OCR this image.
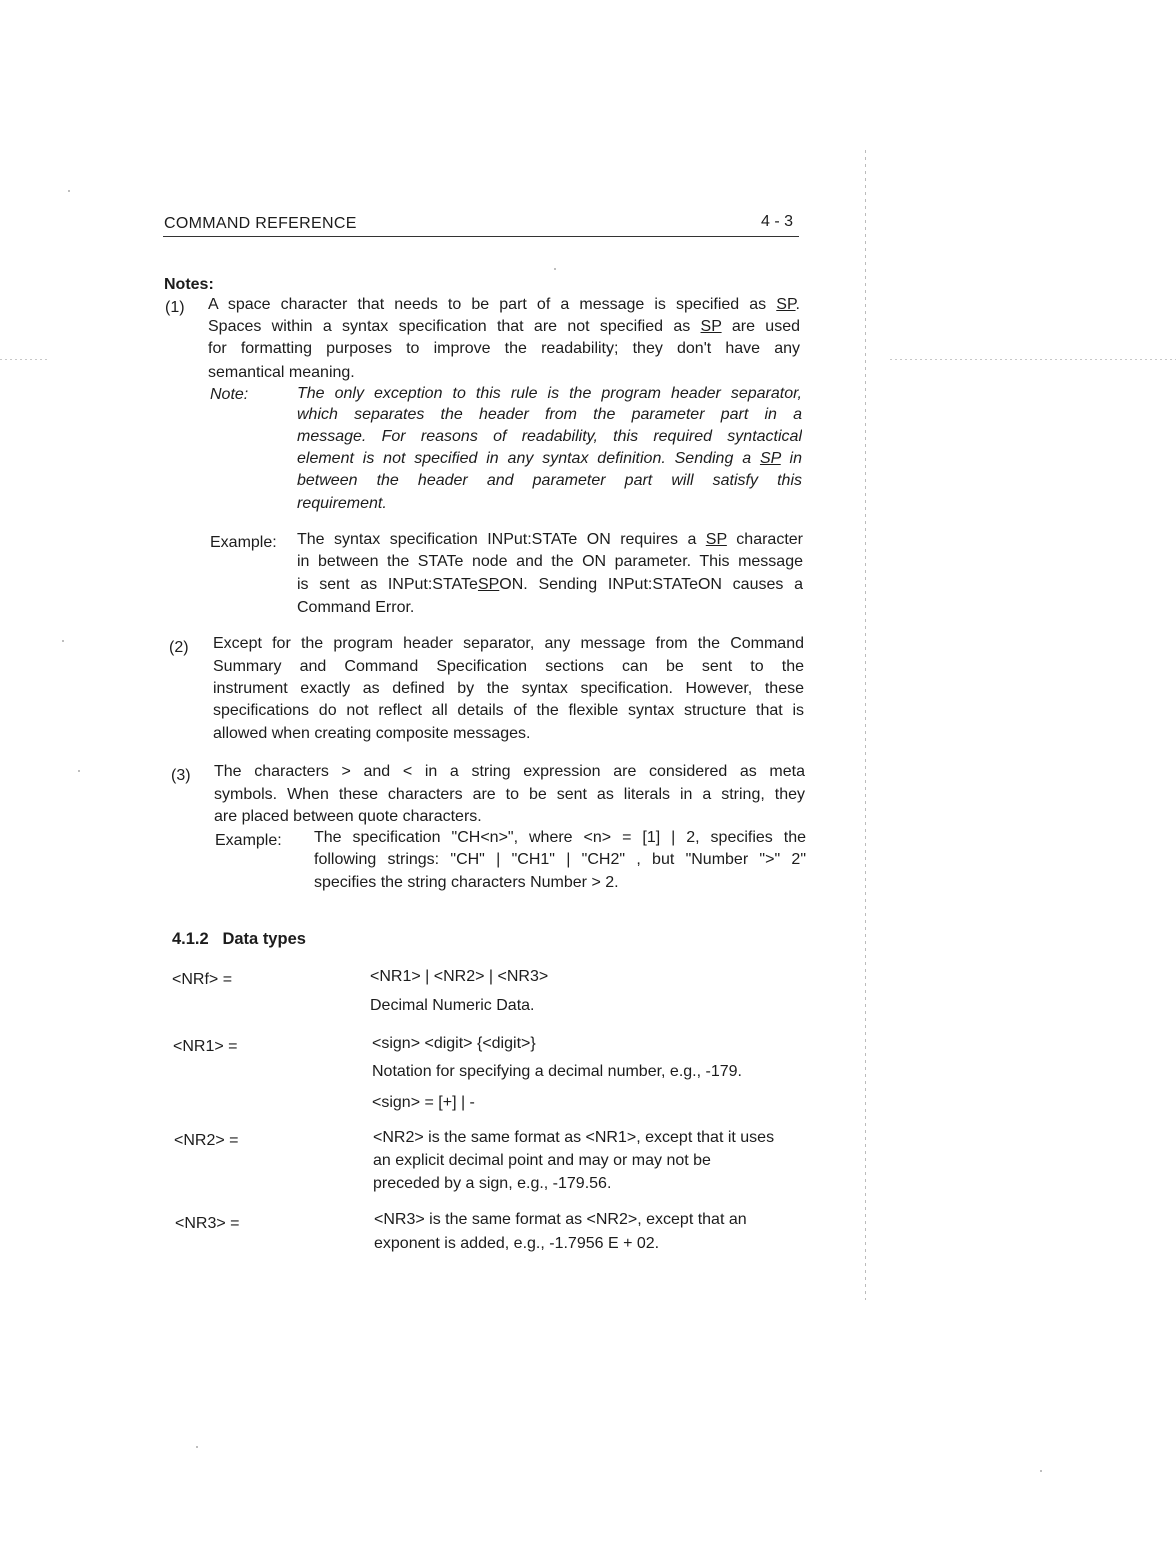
COMMAND REFERENCE	4 - 3
Notes:
(1) A space character that needs to be part of a message is specified as SP.
Spaces within a syntax specification that are not specified as SP are used
for formatting purposes to improve the readability; they don't have any
semantical meaning.
Note:	The only exception to this rule is the program header separator,
which separates the header from the parameter part in a
message. For reasons of readability, this required syntactical
element is not specified in any syntax definition. Sending a SP in
between the header and parameter part will satisfy this
requirement.
Example: The syntax specification INPut:STATe ON requires a SP character
in between the STATe node and the ON parameter. This message
is sent as INPut:STATeSPON. Sending INPut:STATeON causes a
Command Error.
(2) Except for the program header separator, any message from the Command
Summary and Command Specification sections can be sent to the
instrument exactly as defined by the syntax specification. However, these
specifications do not reflect all details of the flexible syntax structure that is
allowed when creating composite messages.
(3) The characters > and < in a string expression are considered as meta
symbols. When these characters are to be sent as literals in a string, they
are placed between quote characters.
Example: The specification "CH<n>", where <n> = [1] | 2, specifies the
following strings: "CH" | "CH1" | "CH2" , but "Number ">" 2"
specifies the string characters Number > 2.
4.1.2 Data types
<NRf> =	<NR1> | <NR2> | <NR3>
Decimal Numeric Data.
<NR1> =	<sign> <digit> {<digit>}
Notation for specifying a decimal number, e.g., -179.
<sign> = [+] | -
<NR2> =	<NR2> is the same format as <NR1>, except that it uses
an explicit decimal point and may or may not be
preceded by a sign, e.g., -179.56.
<NR3> =	<NR3> is the same format as <NR2>, except that an
exponent is added, e.g., -1.7956 E + 02.
